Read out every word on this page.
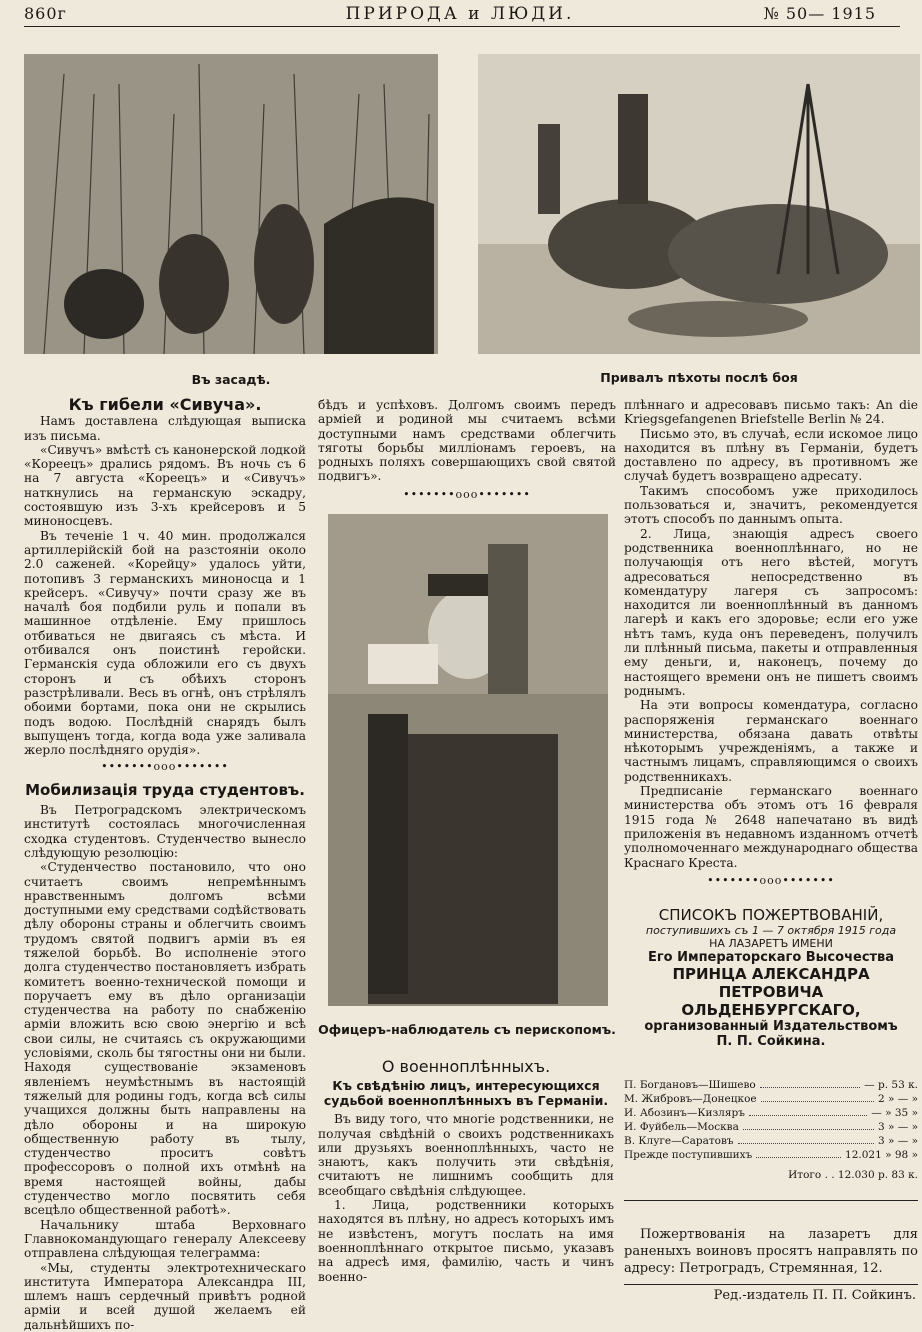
860г	ПРИРОДА и ЛЮДИ.	№ 50— 1915
Въ засадѣ.	Привалъ пѣхоты послѣ боя
Къ гибели «Сивуча».

Намъ доставлена слѣдующая выписка изъ письма.

«Сивучъ» вмѣстѣ съ канонерской лодкой «Кореецъ» дрались рядомъ. Въ ночь съ 6 на 7 августа «Кореецъ» и «Сивучъ» наткнулись на германскую эскадру, состоявшую изъ 3-хъ крейсеровъ и 5 миноносцевъ.

Въ теченіе 1 ч. 40 мин. продолжался артиллерійскій бой на разстояніи около 2.0 саженей. «Корейцу» удалось уйти, потопивъ 3 германскихъ миноносца и 1 крейсеръ. «Сивучу» почти сразу же въ началѣ боя подбили руль и попали въ машинное отдѣленіе. Ему пришлось отбиваться не двигаясь съ мѣста. И отбивался онъ поистинѣ геройски. Германскія суда обложили его съ двухъ сторонъ и съ обѣихъ сторонъ разстрѣливали. Весь въ огнѣ, онъ стрѣлялъ обоими бортами, пока они не скрылись подъ водою. Послѣдній снарядъ былъ выпущенъ тогда, когда вода уже заливала жерло послѣдняго орудія».

•••••••ooo•••••••
Мобилизація труда студентовъ.

Въ Петроградскомъ электрическомъ институтѣ состоялась многочисленная сходка студентовъ. Студенчество вынесло слѣдующую резолюцію:

«Студенчество постановило, что оно считаетъ своимъ непремѣннымъ нравственнымъ долгомъ всѣми доступными ему средствами содѣйствовать дѣлу обороны страны и облегчить своимъ трудомъ святой подвигъ арміи въ ея тяжелой борьбѣ. Во исполненіе этого долга студенчество постановляетъ избрать комитетъ военно-технической помощи и поручаетъ ему въ дѣло организаціи студенчества на работу по снабженію арміи вложить всю свою энергію и всѣ свои силы, не считаясь съ окружающими условіями, сколь бы тягостны они ни были. Находя существованіе экзаменовъ явленіемъ неумѣстнымъ въ настоящій тяжелый для родины годъ, когда всѣ силы учащихся должны быть направлены на дѣло обороны и на широкую общественную работу въ тылу, студенчество проситъ совѣтъ профессоровъ о полной ихъ отмѣнѣ на время настоящей войны, дабы студенчество могло посвятить себя всецѣло общественной работѣ».

Начальнику штаба Верховнаго Главнокомандующаго генералу Алексееву отправлена слѣдующая телеграмма:

«Мы, студенты электротехническаго института Императора Александра III, шлемъ нашъ сердечный привѣтъ родной арміи и всей душой желаемъ ей дальнѣйшихъ по-

бѣдъ и успѣховъ. Долгомъ своимъ передъ арміей и родиной мы считаемъ всѣми доступными намъ средствами облегчить тяготы борьбы милліонамъ героевъ, на родныхъ поляхъ совершающихъ свой святой подвигъ».

•••••••ooo•••••••
Офицеръ-наблюдатель съ перископомъ.
О военноплѣнныхъ.
Къ свѣдѣнію лицъ, интересующихся судьбой военноплѣнныхъ въ Германіи.

Въ виду того, что многіе родственники, не получая свѣдѣній о своихъ родственникахъ или друзьяхъ военноплѣнныхъ, часто не знаютъ, какъ получить эти свѣдѣнія, считаютъ не лишнимъ сообщить для всеобщаго свѣдѣнія слѣдующее.

1. Лица, родственники которыхъ находятся въ плѣну, но адресъ которыхъ имъ не извѣстенъ, могутъ послать на имя военноплѣннаго открытое письмо, указавъ на адресѣ имя, фамилію, часть и чинъ военно-

плѣннаго и адресовавъ письмо такъ: An die Kriegsgefangenen Briefstelle Berlin № 24.

Письмо это, въ случаѣ, если искомое лицо находится въ плѣну въ Германіи, будетъ доставлено по адресу, въ противномъ же случаѣ будетъ возвращено адресату.

Такимъ способомъ уже приходилось пользоваться и, значитъ, рекомендуется этотъ способъ по даннымъ опыта.

2. Лица, знающія адресъ своего родственника военноплѣннаго, но не получающія отъ него вѣстей, могутъ адресоваться непосредственно въ комендатуру лагеря съ запросомъ: находится ли военноплѣнный въ данномъ лагерѣ и какъ его здоровье; если его уже нѣтъ тамъ, куда онъ переведенъ, получилъ ли плѣнный письма, пакеты и отправленныя ему деньги, и, наконецъ, почему до настоящего времени онъ не пишетъ своимъ роднымъ.

На эти вопросы комендатура, согласно распоряженія германскаго военнаго министерства, обязана давать отвѣты нѣкоторымъ учрежденіямъ, а также и частнымъ лицамъ, справляющимся о своихъ родственникахъ.

Предписаніе германскаго военнаго министерства объ этомъ отъ 16 февраля 1915 года № 2648 напечатано въ видѣ приложенія въ недавномъ изданномъ отчетѣ уполномоченнаго международнаго общества Краснаго Креста.

•••••••ooo•••••••
СПИСОКЪ ПОЖЕРТВОВАНІЙ,
поступившихъ съ 1 — 7 октября 1915 года
НА ЛАЗАРЕТЪ ИМЕНИ
Его Императорскаго Высочества
ПРИНЦА АЛЕКСАНДРА ПЕТРОВИЧА
ОЛЬДЕНБУРГСКАГО,
организованный Издательствомъ
П. П. Сойкина.
П. Богдановъ—Шишево	— р. 53 к.
М. Жибровъ—Донецкое	2 » — »
И. Абозинъ—Кизляръ	— » 35 »
И. Фуйбель—Москва	3 » — »
В. Клуге—Саратовъ	3 » — »
Прежде поступившихъ	12.021 » 98 »
Итого . . 12.030 р. 83 к.

Пожертвованія на лазаретъ для раненыхъ воиновъ просятъ направлять по адресу: Петроградъ, Стремянная, 12.

Ред.-издатель П. П. Сойкинъ.
